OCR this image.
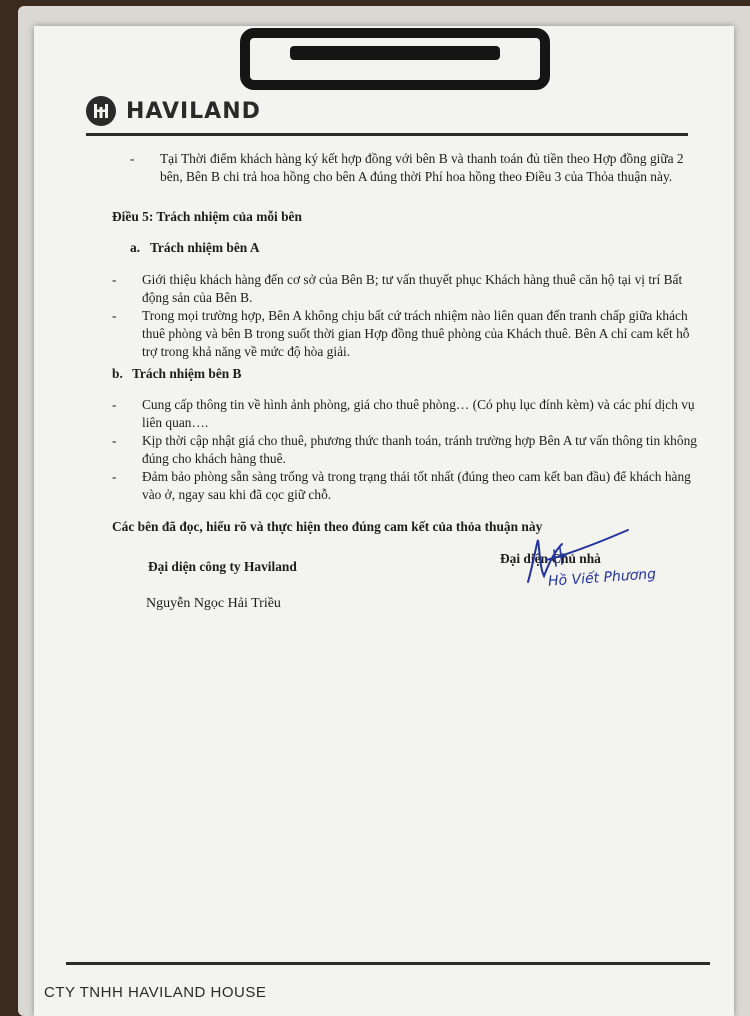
HAVILAND

- Tại Thời điểm khách hàng ký kết hợp đồng với bên B và thanh toán đủ tiền theo Hợp đồng giữa 2 bên, Bên B chi trả hoa hồng cho bên A đúng thời Phí hoa hồng theo Điều 3 của Thỏa thuận này.

Điều 5: Trách nhiệm của mỗi bên

a. Trách nhiệm bên A

- Giới thiệu khách hàng đến cơ sở của Bên B; tư vấn thuyết phục Khách hàng thuê căn hộ tại vị trí Bất động sản của Bên B.

- Trong mọi trường hợp, Bên A không chịu bất cứ trách nhiệm nào liên quan đến tranh chấp giữa khách thuê phòng và bên B trong suốt thời gian Hợp đồng thuê phòng của Khách thuê. Bên A chỉ cam kết hỗ trợ trong khả năng về mức độ hòa giải.

b. Trách nhiệm bên B

- Cung cấp thông tin về hình ảnh phòng, giá cho thuê phòng… (Có phụ lục đính kèm) và các phí dịch vụ liên quan….

- Kịp thời cập nhật giá cho thuê, phương thức thanh toán, tránh trường hợp Bên A tư vấn thông tin không đúng cho khách hàng thuê.

- Đảm bảo phòng sẵn sàng trống và trong trạng thái tốt nhất (đúng theo cam kết ban đầu) để khách hàng vào ở, ngay sau khi đã cọc giữ chỗ.

Các bên đã đọc, hiểu rõ và thực hiện theo đúng cam kết của thỏa thuận này

Đại diện công ty Haviland
Đại diện Chủ nhà
Hồ Viết Phương
Nguyễn Ngọc Hải Triều
CTY TNHH HAVILAND HOUSE
